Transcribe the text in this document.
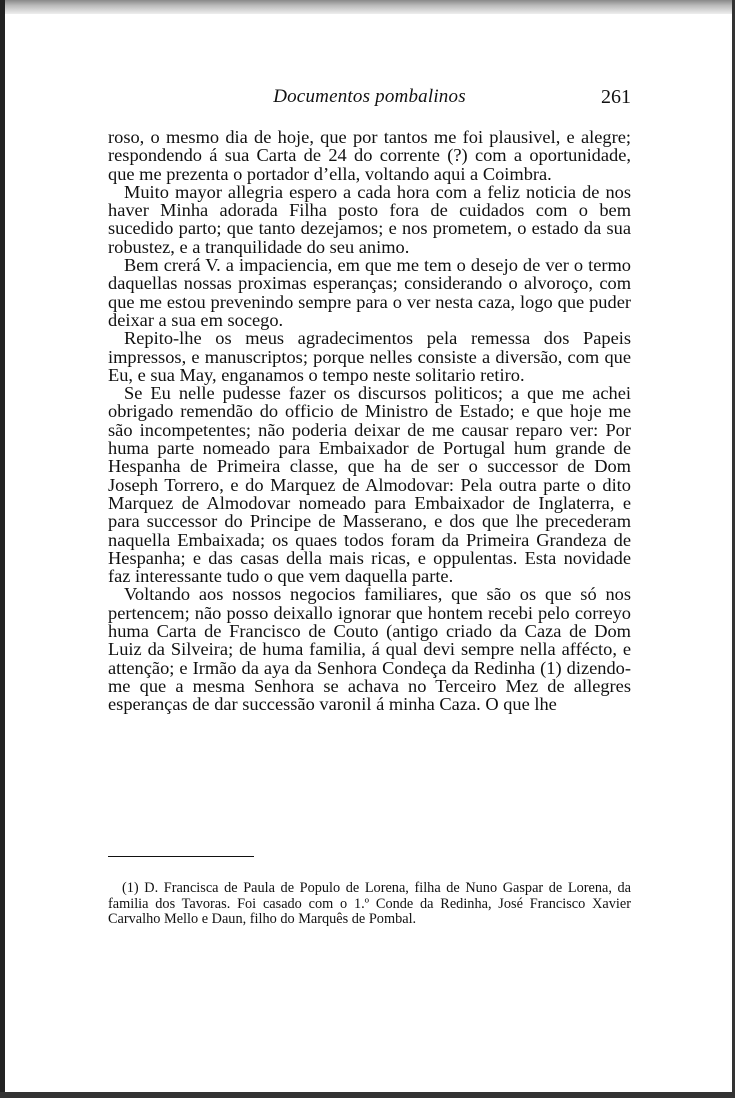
Documentos pombalinos	261

roso, o mesmo dia de hoje, que por tantos me foi plausivel, e alegre; respondendo á sua Carta de 24 do corrente (?) com a oportunidade, que me prezenta o portador d’ella, voltando aqui a Coimbra.

Muito mayor allegria espero a cada hora com a feliz noticia de nos haver Minha adorada Filha posto fora de cuidados com o bem sucedido parto; que tanto dezejamos; e nos prometem, o estado da sua robustez, e a tranquilidade do seu animo.

Bem crerá V. a impaciencia, em que me tem o desejo de ver o termo daquellas nossas proximas esperanças; considerando o alvoroço, com que me estou prevenindo sempre para o ver nesta caza, logo que puder deixar a sua em socego.

Repito-lhe os meus agradecimentos pela remessa dos Papeis impressos, e manuscriptos; porque nelles consiste a diversão, com que Eu, e sua May, enganamos o tempo neste solitario retiro.

Se Eu nelle pudesse fazer os discursos politicos; a que me achei obrigado remendão do officio de Ministro de Estado; e que hoje me são incompetentes; não poderia deixar de me causar reparo ver: Por huma parte nomeado para Embaixador de Portugal hum grande de Hespanha de Primeira classe, que ha de ser o successor de Dom Joseph Torrero, e do Marquez de Almodovar: Pela outra parte o dito Marquez de Almodovar nomeado para Embaixador de Inglaterra, e para successor do Principe de Masserano, e dos que lhe precederam naquella Embaixada; os quaes todos foram da Primeira Grandeza de Hespanha; e das casas della mais ricas, e oppulentas. Esta novidade faz interessante tudo o que vem daquella parte.

Voltando aos nossos negocios familiares, que são os que só nos pertencem; não posso deixallo ignorar que hontem recebi pelo correyo huma Carta de Francisco de Couto (antigo criado da Caza de Dom Luiz da Silveira; de huma familia, á qual devi sempre nella affécto, e attenção; e Irmão da aya da Senhora Condeça da Redinha (1) dizendo-me que a mesma Senhora se achava no Terceiro Mez de allegres esperanças de dar successão varonil á minha Caza. O que lhe

(1) D. Francisca de Paula de Populo de Lorena, filha de Nuno Gaspar de Lorena, da familia dos Tavoras. Foi casado com o 1.º Conde da Redinha, José Francisco Xavier Carvalho Mello e Daun, filho do Marquês de Pombal.
